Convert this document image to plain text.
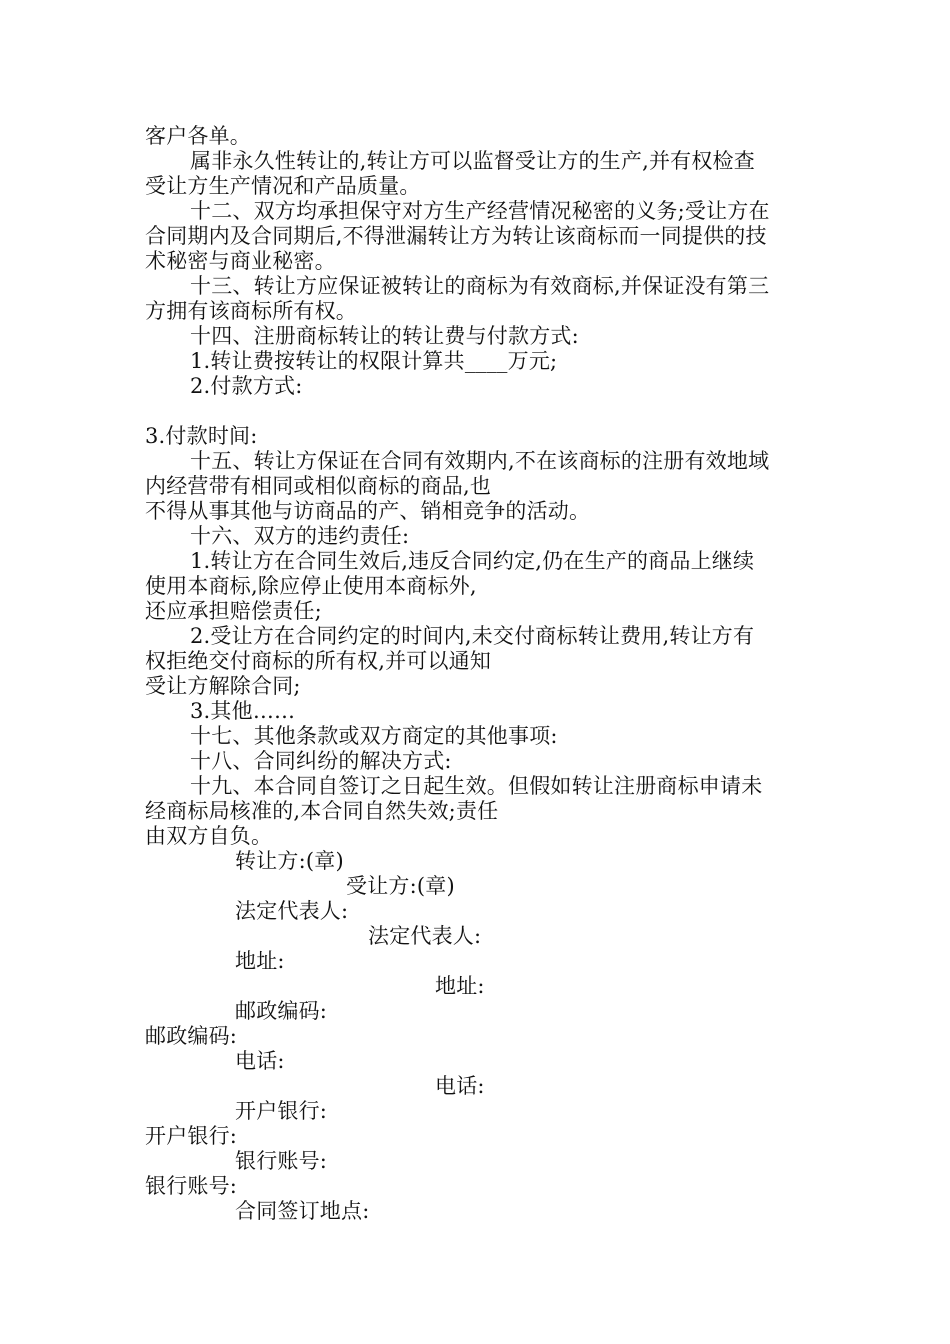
客户各单。
属非永久性转让的,转让方可以监督受让方的生产,并有权检查
受让方生产情况和产品质量。
十二、双方均承担保守对方生产经营情况秘密的义务;受让方在
合同期内及合同期后,不得泄漏转让方为转让该商标而一同提供的技
术秘密与商业秘密。
十三、转让方应保证被转让的商标为有效商标,并保证没有第三
方拥有该商标所有权。
十四、注册商标转让的转让费与付款方式:
1.转让费按转让的权限计算共____万元;
2.付款方式:
3.付款时间:
十五、转让方保证在合同有效期内,不在该商标的注册有效地域
内经营带有相同或相似商标的商品,也
不得从事其他与访商品的产、销相竞争的活动。
十六、双方的违约责任:
1.转让方在合同生效后,违反合同约定,仍在生产的商品上继续
使用本商标,除应停止使用本商标外,
还应承担赔偿责任;
2.受让方在合同约定的时间内,未交付商标转让费用,转让方有
权拒绝交付商标的所有权,并可以通知
受让方解除合同;
3.其他……
十七、其他条款或双方商定的其他事项:
十八、合同纠纷的解决方式:
十九、本合同自签订之日起生效。但假如转让注册商标申请未
经商标局核准的,本合同自然失效;责任
由双方自负。
转让方:(章)
受让方:(章)
法定代表人:
法定代表人:
地址:
地址:
邮政编码:
邮政编码:
电话:
电话:
开户银行:
开户银行:
银行账号:
银行账号:
合同签订地点:
